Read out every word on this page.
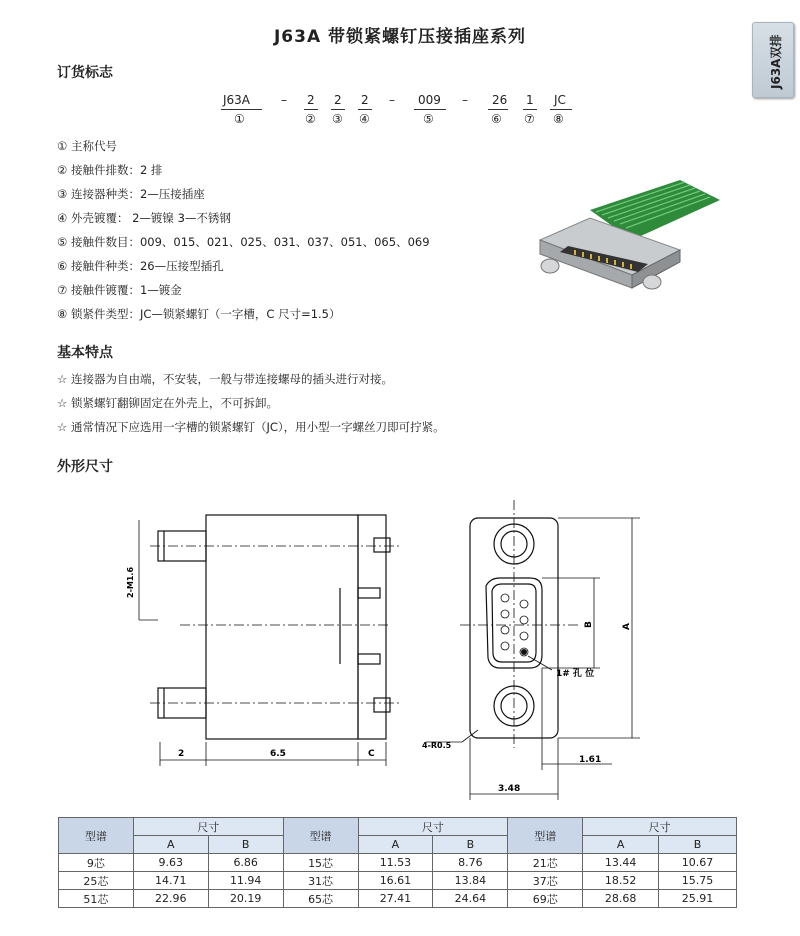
J63A 带锁紧螺钉压接插座系列	J63A双排
订货标志
J63A	– 2 2 2 – 009 – 26 1 JC
①	② ③ ④	⑤	⑥ ⑦ ⑧
① 主称代号
② 接触件排数：2 排
③ 连接器种类：2—压接插座
④ 外壳镀覆： 2—镀镍 3—不锈钢
⑤ 接触件数目：009、015、021、025、031、037、051、065、069
⑥ 接触件种类：26—压接型插孔
⑦ 接触件镀覆：1—镀金
⑧ 锁紧件类型：JC—锁紧螺钉（一字槽，C 尺寸=1.5）
基本特点
☆ 连接器为自由端，不安装，一般与带连接螺母的插头进行对接。
☆ 锁紧螺钉翻铆固定在外壳上，不可拆卸。
☆ 通常情况下应选用一字槽的锁紧螺钉（JC），用小型一字螺丝刀即可拧紧。
外形尺寸
2-M1.6
2	6.5	C
A
B
1# 孔 位
4-R0.5
1.61
3.48
型谱	尺寸		型谱	尺寸		型谱	尺寸	
	A	B		A	B		A	B
9芯	9.63	6.86	15芯	11.53	8.76	21芯	13.44	10.67
25芯	14.71	11.94	31芯	16.61	13.84	37芯	18.52	15.75
51芯	22.96	20.19	65芯	27.41	24.64	69芯	28.68	25.91
